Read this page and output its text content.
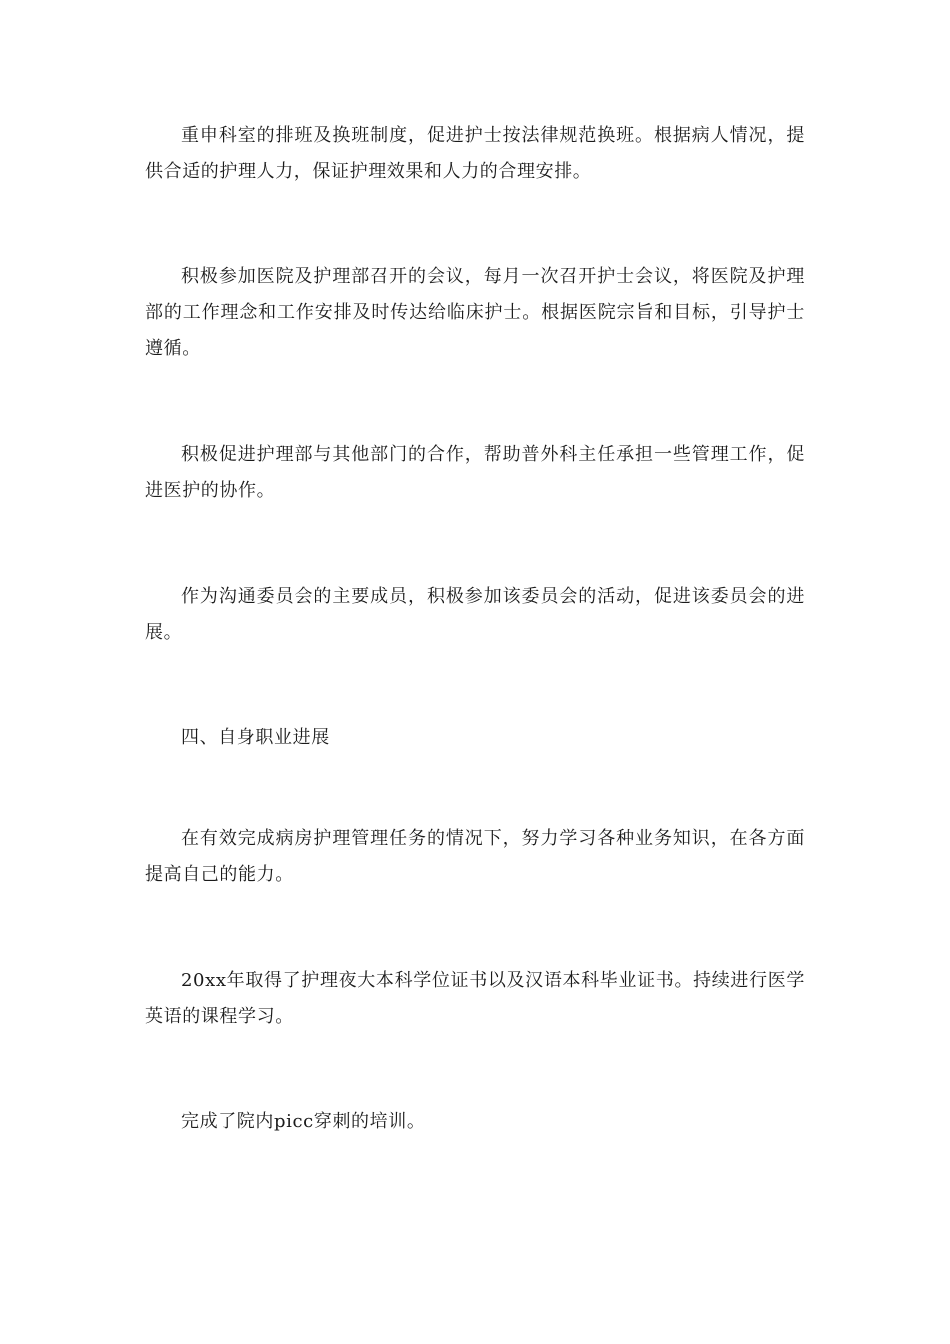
重申科室的排班及换班制度，促进护士按法律规范换班。根据病人情况，提供合适的护理人力，保证护理效果和人力的合理安排。

积极参加医院及护理部召开的会议，每月一次召开护士会议，将医院及护理部的工作理念和工作安排及时传达给临床护士。根据医院宗旨和目标，引导护士遵循。

积极促进护理部与其他部门的合作，帮助普外科主任承担一些管理工作，促进医护的协作。

作为沟通委员会的主要成员，积极参加该委员会的活动，促进该委员会的进展。

四、自身职业进展

在有效完成病房护理管理任务的情况下，努力学习各种业务知识，在各方面提高自己的能力。

20xx年取得了护理夜大本科学位证书以及汉语本科毕业证书。持续进行医学英语的课程学习。

完成了院内picc穿刺的培训。
